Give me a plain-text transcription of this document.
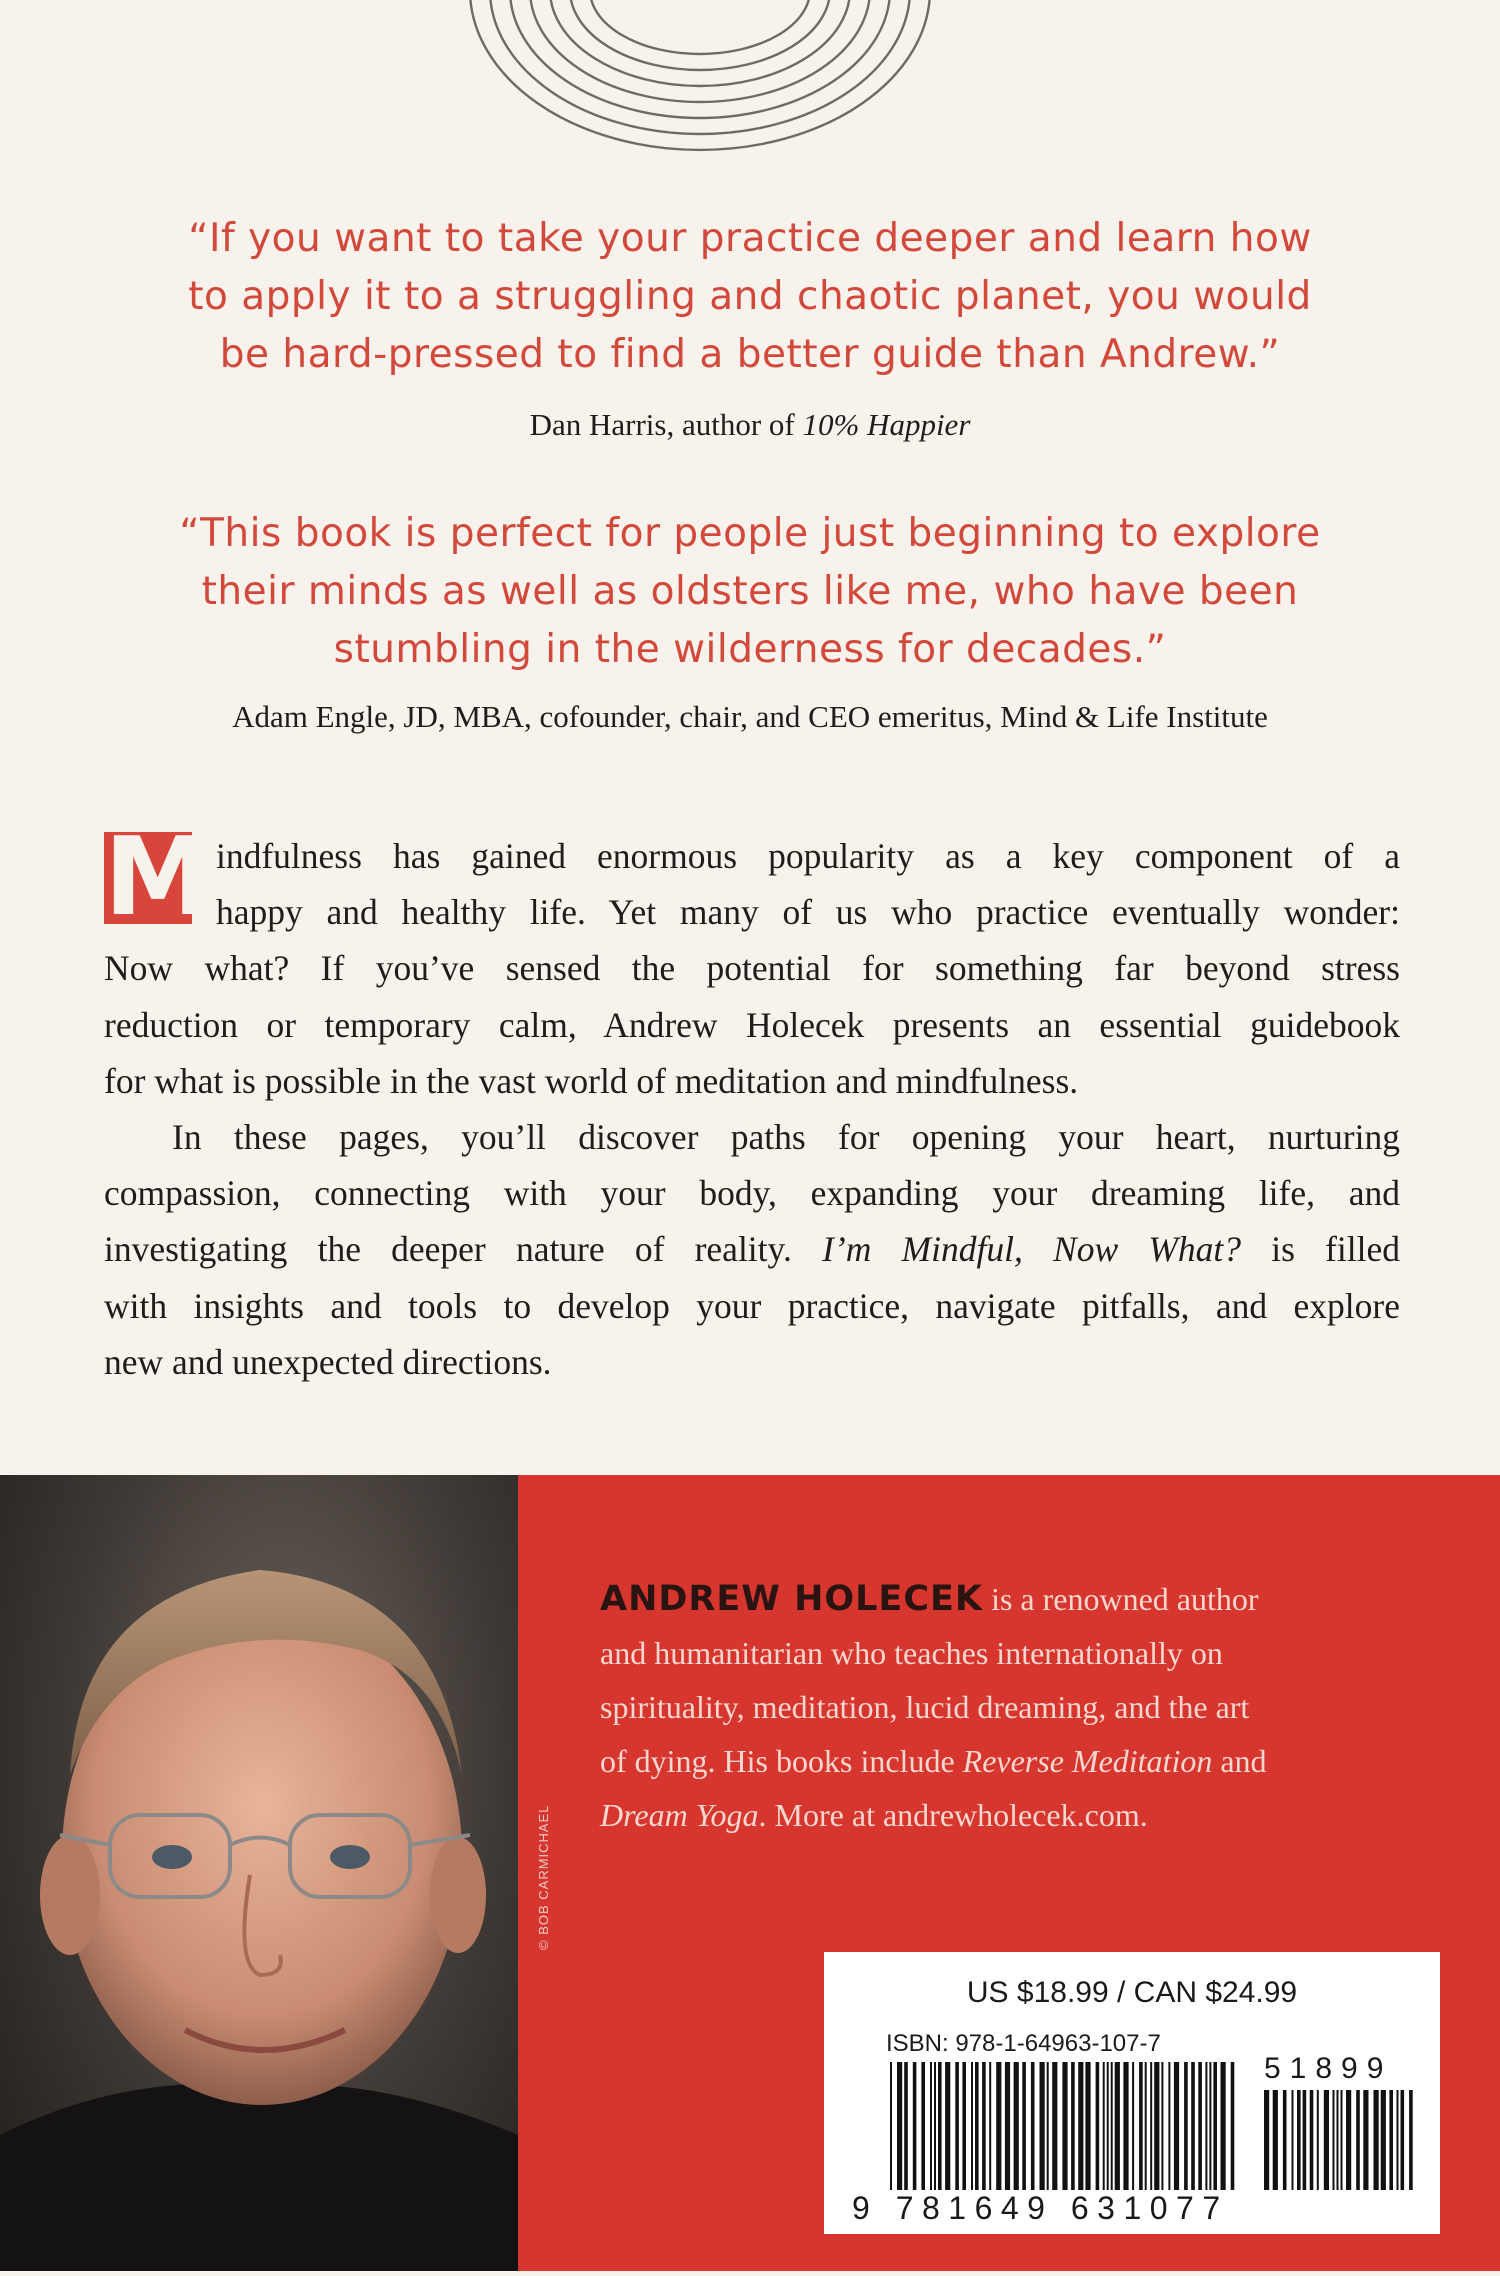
“If you want to take your practice deeper and learn how
to apply it to a struggling and chaotic planet, you would
be hard-pressed to find a better guide than Andrew.”
Dan Harris, author of 10% Happier
“This book is perfect for people just beginning to explore
their minds as well as oldsters like me, who have been
stumbling in the wilderness for decades.”
Adam Engle, JD, MBA, cofounder, chair, and CEO emeritus, Mind & Life Institute
M indfulness has gained enormous popularity as a key component of a
happy and healthy life. Yet many of us who practice eventually wonder:
Now what? If you’ve sensed the potential for something far beyond stress
reduction or temporary calm, Andrew Holecek presents an essential guidebook
for what is possible in the vast world of meditation and mindfulness.
In these pages, you’ll discover paths for opening your heart, nurturing
compassion, connecting with your body, expanding your dreaming life, and
investigating the deeper nature of reality. I’m Mindful, Now What? is filled
with insights and tools to develop your practice, navigate pitfalls, and explore
new and unexpected directions.
© BOB CARMICHAEL
ANDREW HOLECEK is a renowned author
and humanitarian who teaches internationally on
spirituality, meditation, lucid dreaming, and the art
of dying. His books include Reverse Meditation and
Dream Yoga. More at andrewholecek.com.
US $18.99 / CAN $24.99
ISBN: 978-1-64963-107-7
51899
9 781649 631077
